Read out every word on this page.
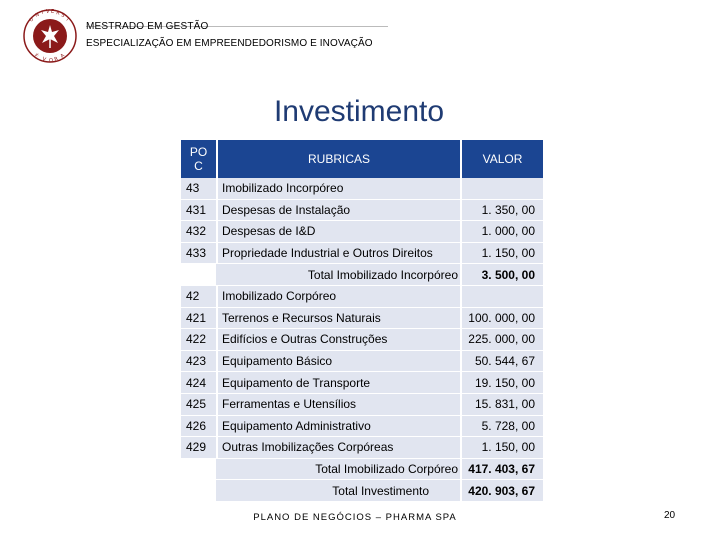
U
N I V E R S
I
É V O R A
MESTRADO EM GESTÃO
ESPECIALIZAÇÃO EM EMPREENDEDORISMO E INOVAÇÃO
Investimento
PO C	RUBRICAS	VALOR
43	Imobilizado Incorpóreo
431	Despesas de Instalação	1. 350, 00
432	Despesas de I&D	1. 000, 00
433	Propriedade Industrial e Outros Direitos	1. 150, 00
Total Imobilizado Incorpóreo	3. 500, 00
42	Imobilizado Corpóreo
421	Terrenos e Recursos Naturais	100. 000, 00
422	Edifícios e Outras Construções	225. 000, 00
423	Equipamento Básico	50. 544, 67
424	Equipamento de Transporte	19. 150, 00
425	Ferramentas e Utensílios	15. 831, 00
426	Equipamento Administrativo	5. 728, 00
429	Outras Imobilizações Corpóreas	1. 150, 00
Total Imobilizado Corpóreo 417. 403, 67
Total Investimento	420. 903, 67
PLANO DE NEGÓCIOS – PHARMA SPA	20
